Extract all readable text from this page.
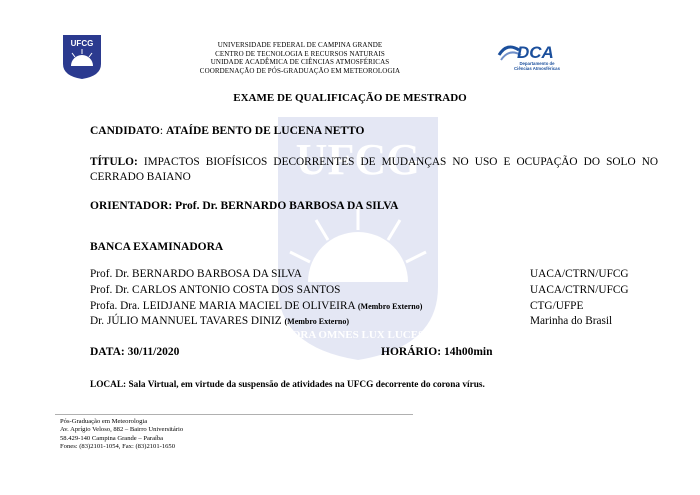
UFCG
ORA OMNES LUX LUCES
UFCG	UNIVERSIDADE FEDERAL DE CAMPINA GRANDE
CENTRO DE TECNOLOGIA E RECURSOS NATURAIS
UNIDADE ACADÊMICA DE CIÊNCIAS ATMOSFÉRICAS
COORDENAÇÃO DE PÓS-GRADUAÇÃO EM METEOROLOGIA
DCA
Departamento de
Ciências Atmosféricas
EXAME DE QUALIFICAÇÃO DE MESTRADO
CANDIDATO: ATAÍDE BENTO DE LUCENA NETTO
TÍTULO: IMPACTOS BIOFÍSICOS DECORRENTES DE MUDANÇAS NO USO E OCUPAÇÃO DO SOLO NO CERRADO BAIANO
ORIENTADOR: Prof. Dr. BERNARDO BARBOSA DA SILVA
BANCA EXAMINADORA
Prof. Dr. BERNARDO BARBOSA DA SILVA	UACA/CTRN/UFCG
Prof. Dr. CARLOS ANTONIO COSTA DOS SANTOS	UACA/CTRN/UFCG
Profa. Dra. LEIDJANE MARIA MACIEL DE OLIVEIRA (Membro Externo)	CTG/UFPE
Dr. JÚLIO MANNUEL TAVARES DINIZ (Membro Externo)	Marinha do Brasil
DATA: 30/11/2020	HORÁRIO: 14h00min
LOCAL: Sala Virtual, em virtude da suspensão de atividades na UFCG decorrente do corona vírus.
Pós-Graduação em Meteorologia
Av. Aprígio Veloso, 882 – Bairro Universitário
58.429-140 Campina Grande – Paraíba
Fones: (83)2101-1054, Fax: (83)2101-1650
